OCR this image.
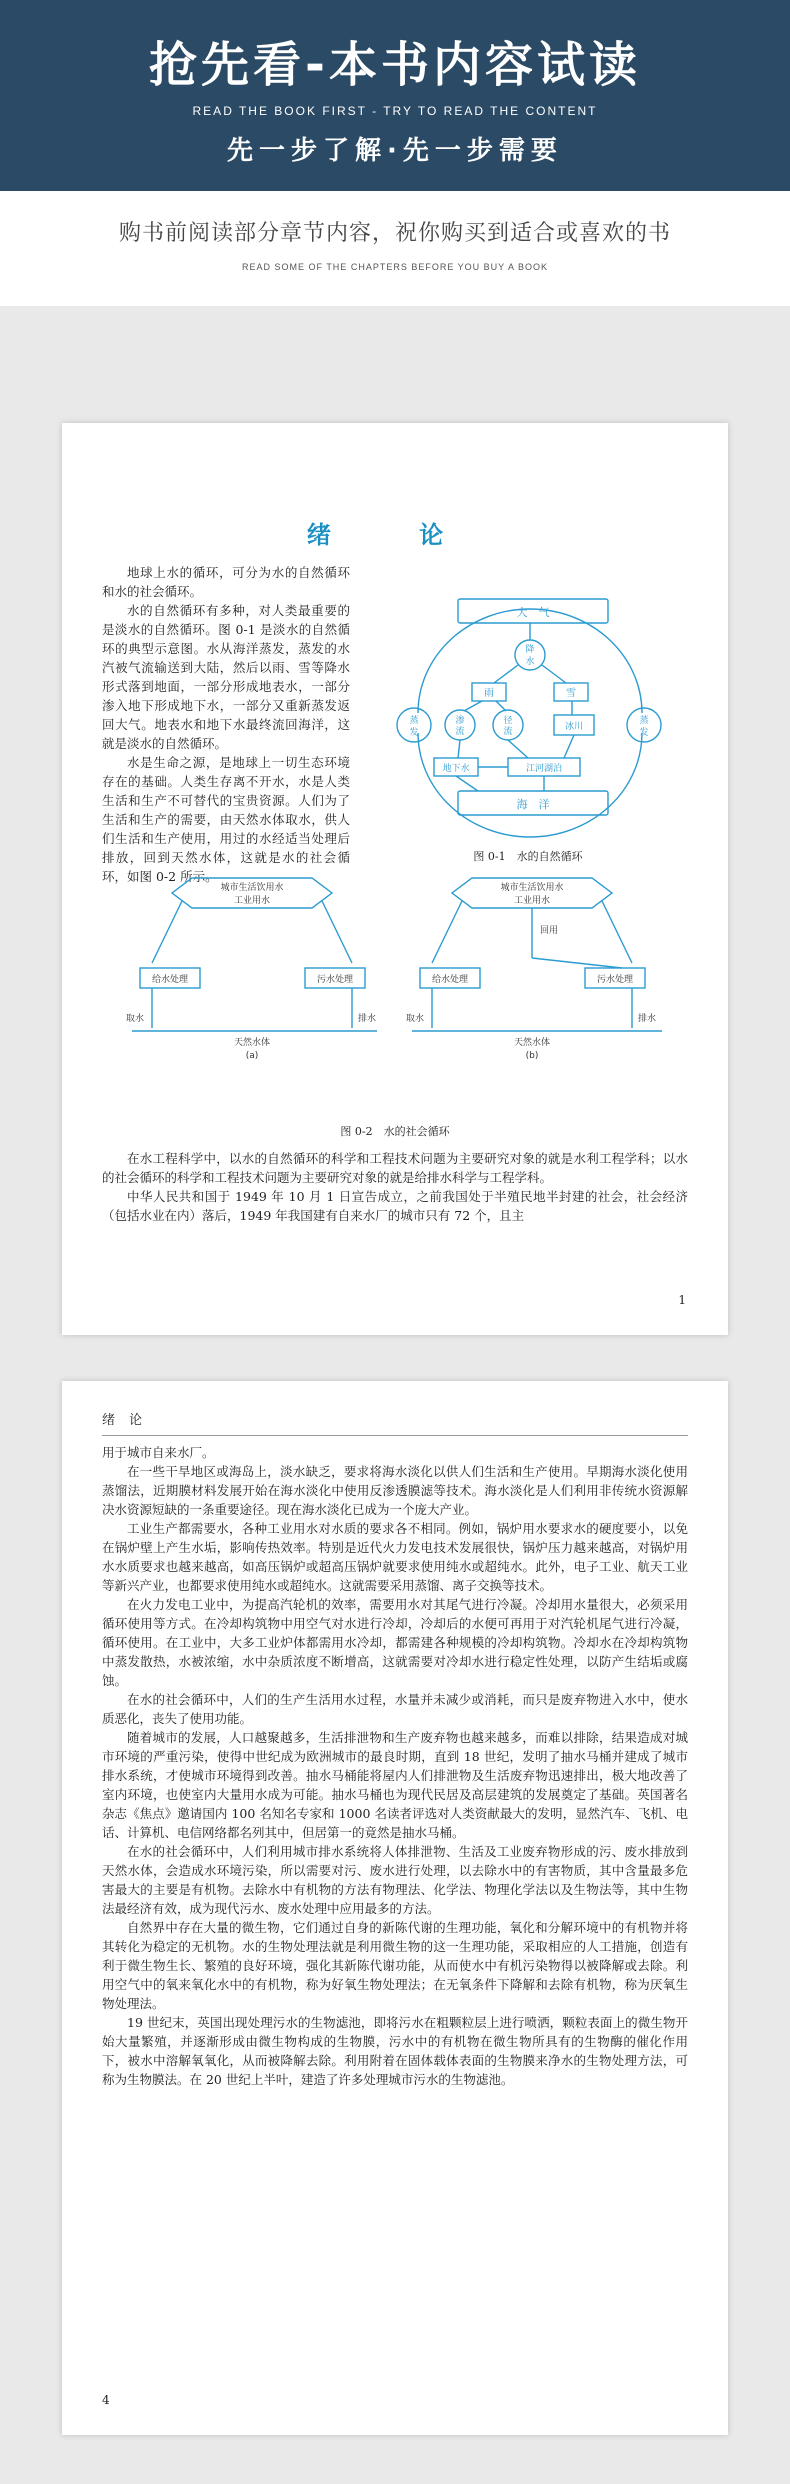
抢先看-本书内容试读
READ THE BOOK FIRST - TRY TO READ THE CONTENT
先一步了解·先一步需要
购书前阅读部分章节内容，祝你购买到适合或喜欢的书
READ SOME OF THE CHAPTERS BEFORE YOU BUY A BOOK
绪 论

地球上水的循环，可分为水的自然循环和水的社会循环。

水的自然循环有多种，对人类最重要的是淡水的自然循环。图 0-1 是淡水的自然循环的典型示意图。水从海洋蒸发，蒸发的水汽被气流输送到大陆，然后以雨、雪等降水形式落到地面，一部分形成地表水，一部分渗入地下形成地下水，一部分又重新蒸发返回大气。地表水和地下水最终流回海洋，这就是淡水的自然循环。

水是生命之源，是地球上一切生态环境存在的基础。人类生存离不开水，水是人类生活和生产不可替代的宝贵资源。人们为了生活和生产的需要，由天然水体取水，供人们生活和生产使用，用过的水经适当处理后排放，回到天然水体，这就是水的社会循环，如图 0-2 所示。

大　气
海　洋
降
水
雨	雪
蒸
发
渗
流
径
流	冰川
蒸
发
地下水	江河湖泊
图 0-1　水的自然循环
城市生活饮用水
工业用水
给水处理	污水处理
取水	排水
天然水体
(a)
城市生活饮用水
工业用水
回用
给水处理	污水处理
取水	排水
天然水体
(b)
图 0-2　水的社会循环

在水工程科学中，以水的自然循环的科学和工程技术问题为主要研究对象的就是水利工程学科；以水的社会循环的科学和工程技术问题为主要研究对象的就是给排水科学与工程学科。

中华人民共和国于 1949 年 10 月 1 日宣告成立，之前我国处于半殖民地半封建的社会，社会经济（包括水业在内）落后，1949 年我国建有自来水厂的城市只有 72 个，且主

1
绪论

用于城市自来水厂。

在一些干旱地区或海岛上，淡水缺乏，要求将海水淡化以供人们生活和生产使用。早期海水淡化使用蒸馏法，近期膜材料发展开始在海水淡化中使用反渗透膜滤等技术。海水淡化是人们利用非传统水资源解决水资源短缺的一条重要途径。现在海水淡化已成为一个庞大产业。

工业生产都需要水，各种工业用水对水质的要求各不相同。例如，锅炉用水要求水的硬度要小，以免在锅炉壁上产生水垢，影响传热效率。特别是近代火力发电技术发展很快，锅炉压力越来越高，对锅炉用水水质要求也越来越高，如高压锅炉或超高压锅炉就要求使用纯水或超纯水。此外，电子工业、航天工业等新兴产业，也都要求使用纯水或超纯水。这就需要采用蒸馏、离子交换等技术。

在火力发电工业中，为提高汽轮机的效率，需要用水对其尾气进行冷凝。冷却用水量很大，必须采用循环使用等方式。在冷却构筑物中用空气对水进行冷却，冷却后的水便可再用于对汽轮机尾气进行冷凝，循环使用。在工业中，大多工业炉体都需用水冷却，都需建各种规模的冷却构筑物。冷却水在冷却构筑物中蒸发散热，水被浓缩，水中杂质浓度不断增高，这就需要对冷却水进行稳定性处理，以防产生结垢或腐蚀。

在水的社会循环中，人们的生产生活用水过程，水量并未减少或消耗，而只是废弃物进入水中，使水质恶化，丧失了使用功能。

随着城市的发展，人口越聚越多，生活排泄物和生产废弃物也越来越多，而难以排除，结果造成对城市环境的严重污染，使得中世纪成为欧洲城市的最良时期，直到 18 世纪，发明了抽水马桶并建成了城市排水系统，才使城市环境得到改善。抽水马桶能将屋内人们排泄物及生活废弃物迅速排出，极大地改善了室内环境，也使室内大量用水成为可能。抽水马桶也为现代民居及高层建筑的发展奠定了基础。英国著名杂志《焦点》邀请国内 100 名知名专家和 1000 名读者评选对人类资献最大的发明，显然汽车、飞机、电话、计算机、电信网络都名列其中，但居第一的竟然是抽水马桶。

在水的社会循环中，人们利用城市排水系统将人体排泄物、生活及工业废弃物形成的污、废水排放到天然水体，会造成水环境污染，所以需要对污、废水进行处理，以去除水中的有害物质，其中含量最多危害最大的主要是有机物。去除水中有机物的方法有物理法、化学法、物理化学法以及生物法等，其中生物法最经济有效，成为现代污水、废水处理中应用最多的方法。

自然界中存在大量的微生物，它们通过自身的新陈代谢的生理功能，氧化和分解环境中的有机物并将其转化为稳定的无机物。水的生物处理法就是利用微生物的这一生理功能，采取相应的人工措施，创造有利于微生物生长、繁殖的良好环境，强化其新陈代谢功能，从而使水中有机污染物得以被降解或去除。利用空气中的氧来氧化水中的有机物，称为好氧生物处理法；在无氧条件下降解和去除有机物，称为厌氧生物处理法。

19 世纪末，英国出现处理污水的生物滤池，即将污水在粗颗粒层上进行喷洒，颗粒表面上的微生物开始大量繁殖，并逐渐形成由微生物构成的生物膜，污水中的有机物在微生物所具有的生物酶的催化作用下，被水中溶解氧氧化，从而被降解去除。利用附着在固体载体表面的生物膜来净水的生物处理方法，可称为生物膜法。在 20 世纪上半叶，建造了许多处理城市污水的生物滤池。

4
